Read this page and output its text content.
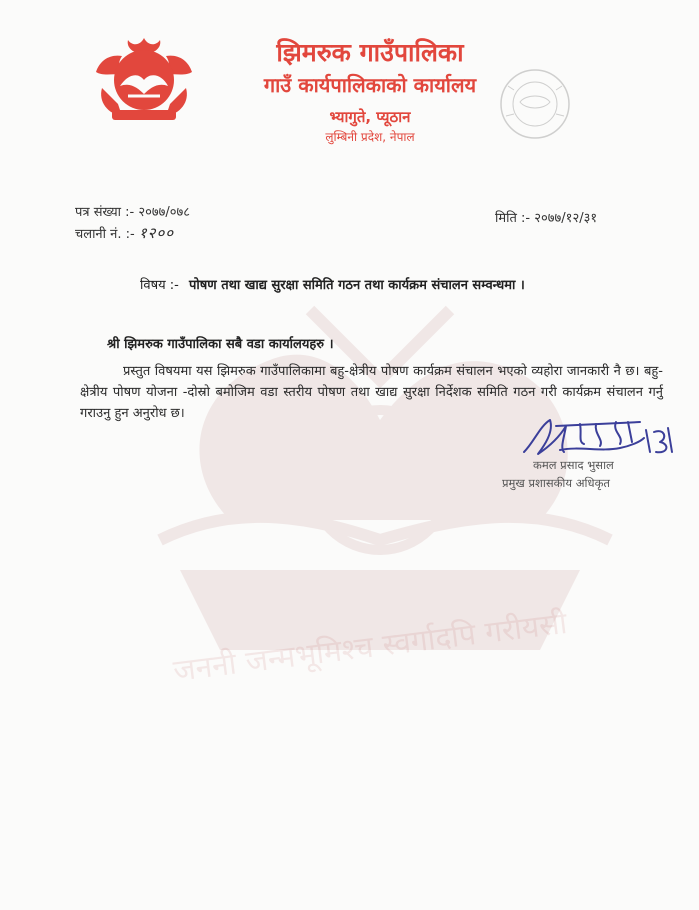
जननी जन्मभूमिश्च स्वर्गादपि गरीयसी
झिमरुक गाउँपालिका
गाउँ कार्यपालिकाको कार्यालय
भ्यागुते, प्यूठान
लुम्बिनी प्रदेश, नेपाल
पत्र संख्या :- २०७७/०७८
चलानी नं. :- १२००
मिति :- २०७७/१२/३१
विषय :- पोषण तथा खाद्य सुरक्षा समिति गठन तथा कार्यक्रम संचालन सम्वन्धमा ।
श्री झिमरुक गाउँपालिका सबै वडा कार्यालयहरु ।
प्रस्तुत विषयमा यस झिमरुक गाउँपालिकामा बहु-क्षेत्रीय पोषण कार्यक्रम संचालन भएको व्यहोरा जानकारी नै छ। बहु-क्षेत्रीय पोषण योजना -दोस्रो बमोजिम वडा स्तरीय पोषण तथा खाद्य सुरक्षा निर्देशक समिति गठन गरी कार्यक्रम संचालन गर्नु गराउनु हुन अनुरोध छ।
कमल प्रसाद भुसाल
प्रमुख प्रशासकीय अधिकृत
